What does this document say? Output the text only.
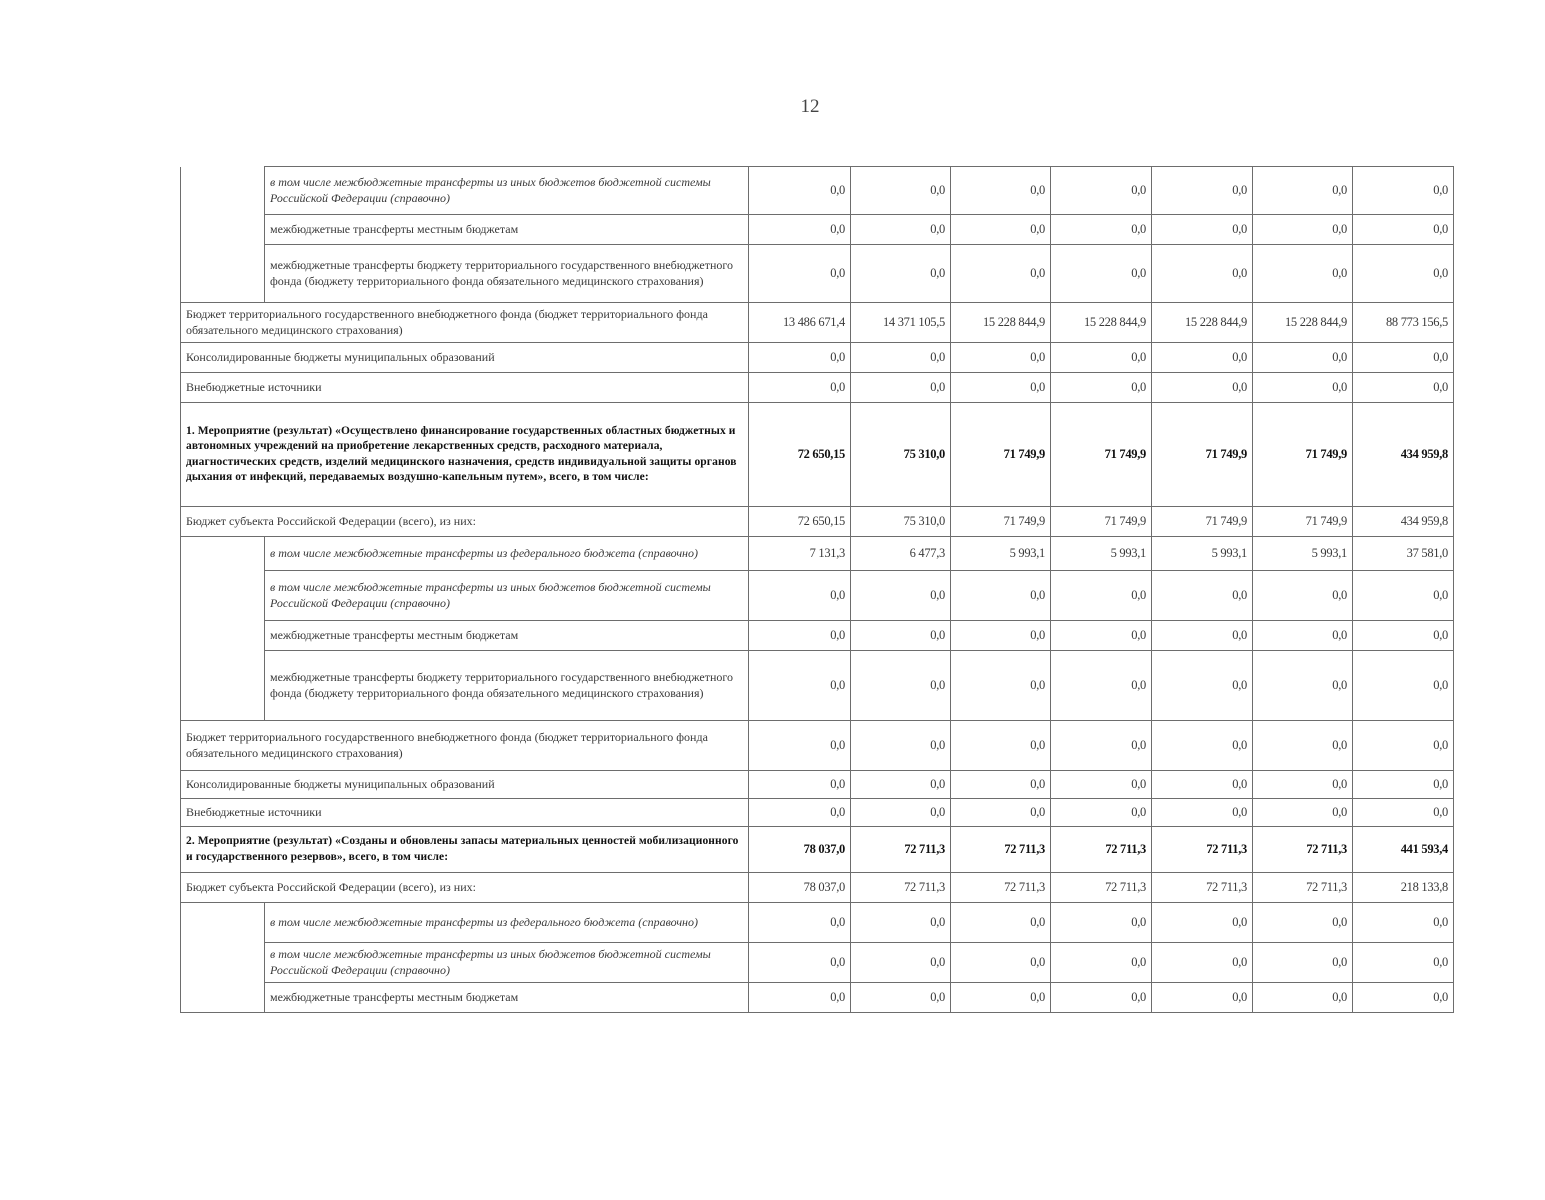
12
	в том числе межбюджетные трансферты из иных бюджетов бюджетной системы Российской Федерации (справочно)	0,0	0,0	0,0	0,0	0,0	0,0	0,0
	межбюджетные трансферты местным бюджетам	0,0	0,0	0,0	0,0	0,0	0,0	0,0
	межбюджетные трансферты бюджету территориального государственного внебюджетного фонда (бюджету территориального фонда обязательного медицинского страхования)	0,0	0,0	0,0	0,0	0,0	0,0	0,0
Бюджет территориального государственного внебюджетного фонда (бюджет территориального фонда обязательного медицинского страхования)		13 486 671,4	14 371 105,5	15 228 844,9	15 228 844,9	15 228 844,9	15 228 844,9	88 773 156,5
Консолидированные бюджеты муниципальных образований		0,0	0,0	0,0	0,0	0,0	0,0	0,0
Внебюджетные источники		0,0	0,0	0,0	0,0	0,0	0,0	0,0
1. Мероприятие (результат) «Осуществлено финансирование государственных областных бюджетных и автономных учреждений на приобретение лекарственных средств, расходного материала, диагностических средств, изделий медицинского назначения, средств индивидуальной защиты органов дыхания от инфекций, передаваемых воздушно-капельным путем», всего, в том числе:		72 650,15	75 310,0	71 749,9	71 749,9	71 749,9	71 749,9	434 959,8
Бюджет субъекта Российской Федерации (всего), из них:		72 650,15	75 310,0	71 749,9	71 749,9	71 749,9	71 749,9	434 959,8
	в том числе межбюджетные трансферты из федерального бюджета (справочно)	7 131,3	6 477,3	5 993,1	5 993,1	5 993,1	5 993,1	37 581,0
	в том числе межбюджетные трансферты из иных бюджетов бюджетной системы Российской Федерации (справочно)	0,0	0,0	0,0	0,0	0,0	0,0	0,0
	межбюджетные трансферты местным бюджетам	0,0	0,0	0,0	0,0	0,0	0,0	0,0
	межбюджетные трансферты бюджету территориального государственного внебюджетного фонда (бюджету территориального фонда обязательного медицинского страхования)	0,0	0,0	0,0	0,0	0,0	0,0	0,0
Бюджет территориального государственного внебюджетного фонда (бюджет территориального фонда обязательного медицинского страхования)		0,0	0,0	0,0	0,0	0,0	0,0	0,0
Консолидированные бюджеты муниципальных образований		0,0	0,0	0,0	0,0	0,0	0,0	0,0
Внебюджетные источники		0,0	0,0	0,0	0,0	0,0	0,0	0,0
2. Мероприятие (результат) «Созданы и обновлены запасы материальных ценностей мобилизационного и государственного резервов», всего, в том числе:		78 037,0	72 711,3	72 711,3	72 711,3	72 711,3	72 711,3	441 593,4
Бюджет субъекта Российской Федерации (всего), из них:		78 037,0	72 711,3	72 711,3	72 711,3	72 711,3	72 711,3	218 133,8
	в том числе межбюджетные трансферты из федерального бюджета (справочно)	0,0	0,0	0,0	0,0	0,0	0,0	0,0
	в том числе межбюджетные трансферты из иных бюджетов бюджетной системы Российской Федерации (справочно)	0,0	0,0	0,0	0,0	0,0	0,0	0,0
	межбюджетные трансферты местным бюджетам	0,0	0,0	0,0	0,0	0,0	0,0	0,0
